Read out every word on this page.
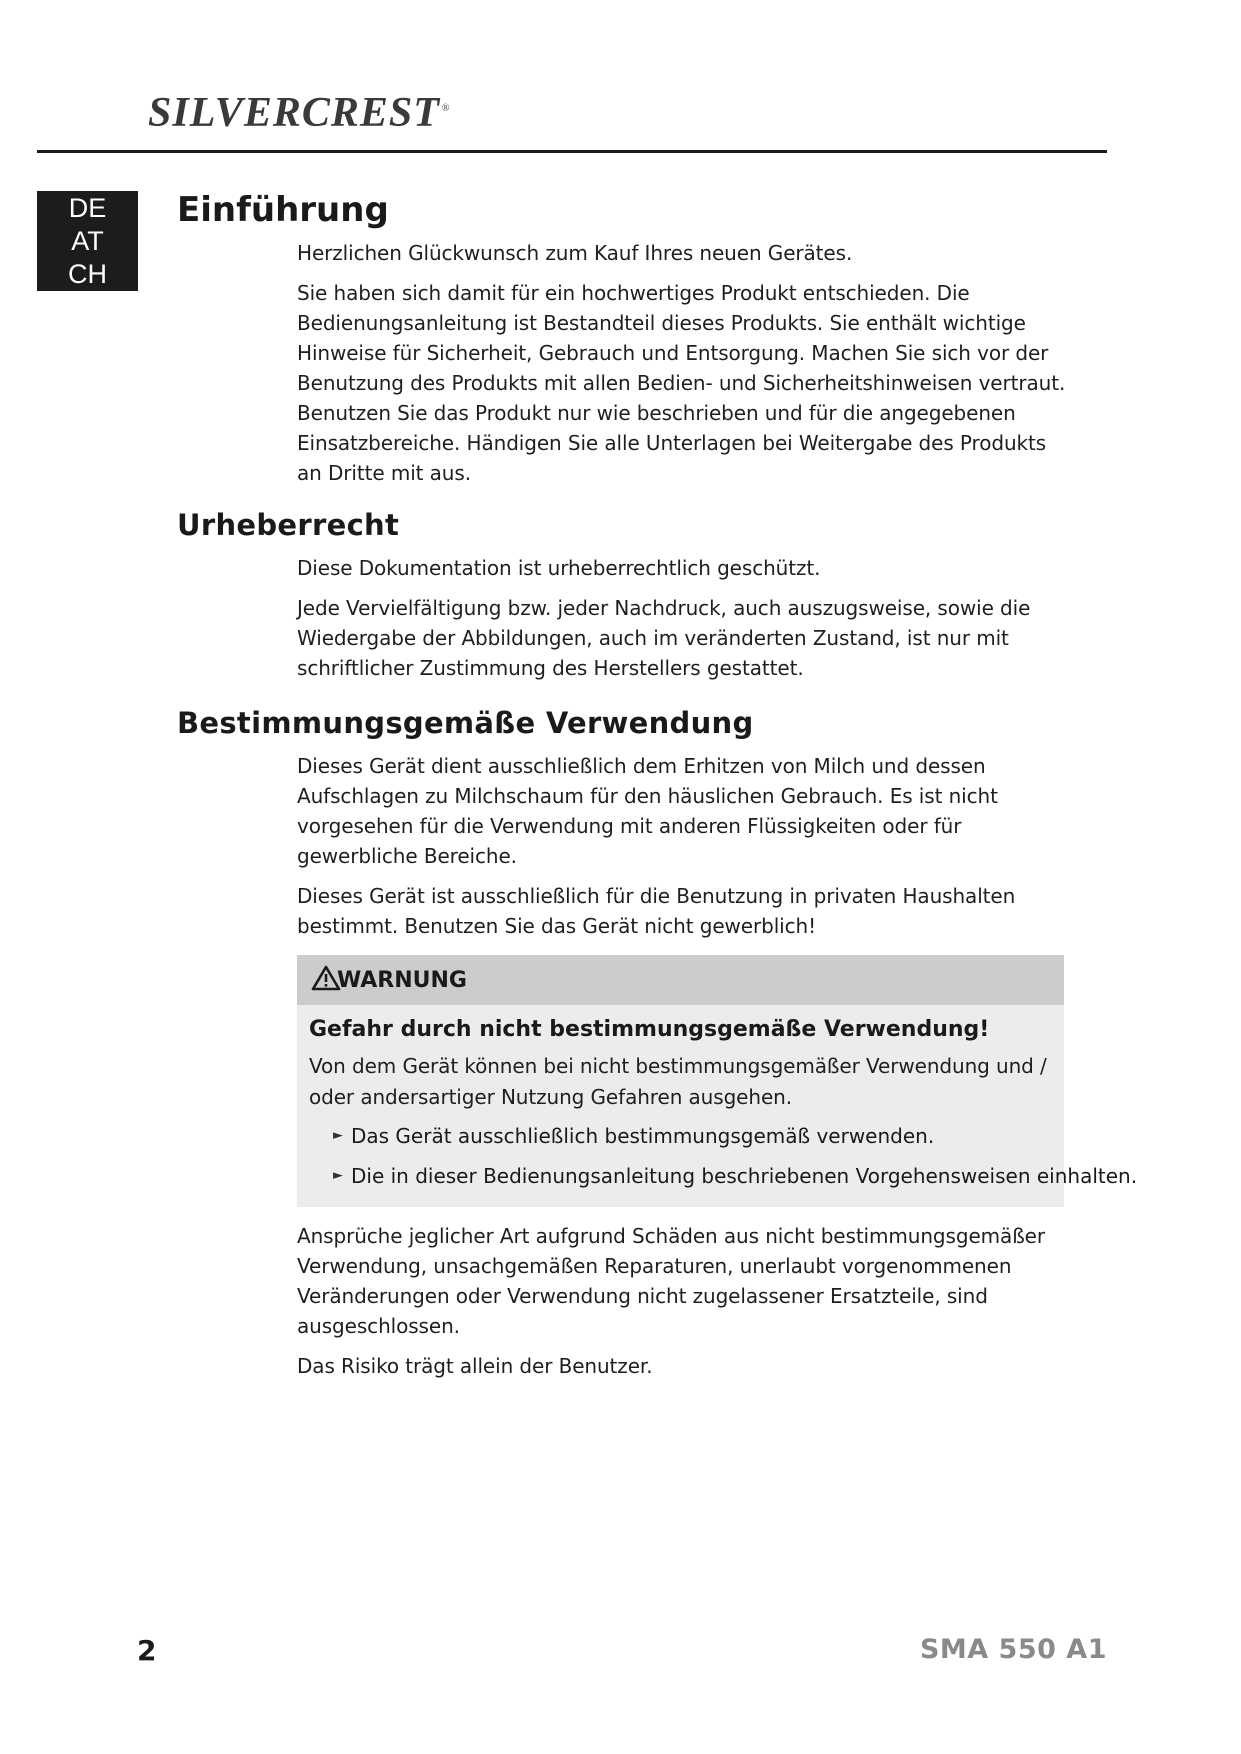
SILVERCREST ®
DE
AT
CH
Einführung

Herzlichen Glückwunsch zum Kauf Ihres neuen Gerätes.

Sie haben sich damit für ein hochwertiges Produkt entschieden. Die Bedienungsanleitung ist Bestandteil dieses Produkts. Sie enthält wichtige Hinweise für Sicherheit, Gebrauch und Entsorgung. Machen Sie sich vor der Benutzung des Produkts mit allen Bedien- und Sicherheitshinweisen vertraut. Benutzen Sie das Produkt nur wie beschrieben und für die angegebenen Einsatzbereiche. Händigen Sie alle Unterlagen bei Weitergabe des Produkts an Dritte mit aus.

Urheberrecht

Diese Dokumentation ist urheberrechtlich geschützt.

Jede Vervielfältigung bzw. jeder Nachdruck, auch auszugsweise, sowie die Wiedergabe der Abbildungen, auch im veränderten Zustand, ist nur mit schriftlicher Zustimmung des Herstellers gestattet.

Bestimmungsgemäße Verwendung

Dieses Gerät dient ausschließlich dem Erhitzen von Milch und dessen Aufschlagen zu Milchschaum für den häuslichen Gebrauch. Es ist nicht vorgesehen für die Verwendung mit anderen Flüssigkeiten oder für gewerbliche Bereiche.

Dieses Gerät ist ausschließlich für die Benutzung in privaten Haushalten bestimmt. Benutzen Sie das Gerät nicht gewerblich!

WARNUNG
Gefahr durch nicht bestimmungsgemäße Verwendung!

Von dem Gerät können bei nicht bestimmungsgemäßer Verwendung und / oder andersartiger Nutzung Gefahren ausgehen.

► Das Gerät ausschließlich bestimmungsgemäß verwenden.
► Die in dieser Bedienungsanleitung beschriebenen Vorgehensweisen einhalten.

Ansprüche jeglicher Art aufgrund Schäden aus nicht bestimmungsgemäßer Verwendung, unsachgemäßen Reparaturen, unerlaubt vorgenommenen Veränderungen oder Verwendung nicht zugelassener Ersatzteile, sind ausgeschlossen.

Das Risiko trägt allein der Benutzer.

2	SMA 550 A1
